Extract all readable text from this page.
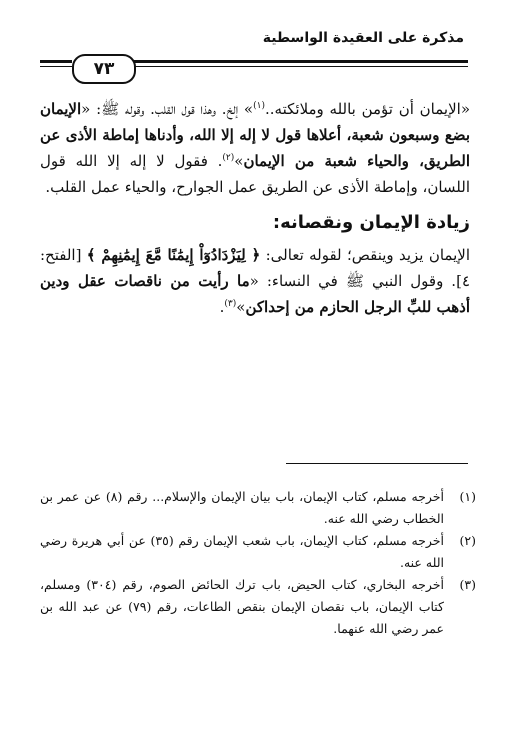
مذكرة على العقيدة الواسطية
٧٣

«الإيمان أن تؤمن بالله وملائكته..$^{(١)}$» إلخ. وهذا قول القلب. وقوله ﷺ: «الإيمان بضع وسبعون شعبة، أعلاها قول لا إله إلا الله، وأدناها إماطة الأذى عن الطريق، والحياء شعبة من الإيمان»$^{(٢)}$. فقول لا إله إلا الله قول اللسان، وإماطة الأذى عن الطريق عمل الجوارح، والحياء عمل القلب.

زيادة الإيمان ونقصانه:

الإيمان يزيد وينقص؛ لقوله تعالى: ﴿ لِيَزْدَادُوٓاْ إِيمَٰنًا مَّعَ إِيمَٰنِهِمْ ﴾ [الفتح: ٤]. وقول النبي ﷺ في النساء: «ما رأيت من ناقصات عقل ودين أذهب للبِّ الرجل الحازم من إحداكن»$^{(٣)}$.

(١)
أخرجه مسلم، كتاب الإيمان، باب بيان الإيمان والإسلام... رقم (٨) عن عمر بن الخطاب رضي الله عنه.
(٢)
أخرجه مسلم، كتاب الإيمان، باب شعب الإيمان رقم (٣٥) عن أبي هريرة رضي الله عنه.
(٣)
أخرجه البخاري، كتاب الحيض، باب ترك الحائض الصوم، رقم (٣٠٤) ومسلم، كتاب الإيمان، باب نقصان الإيمان بنقص الطاعات، رقم (٧٩) عن عبد الله بن عمر رضي الله عنهما.
